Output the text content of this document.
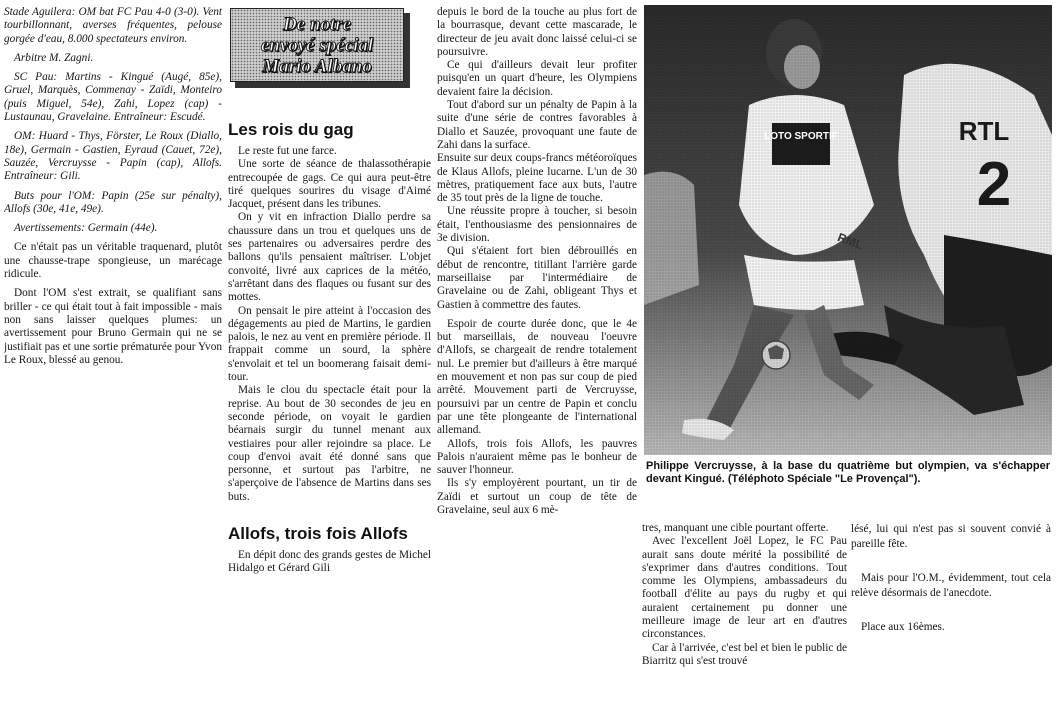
Stade Aguilera: OM bat FC Pau 4-0 (3-0). Vent tourbillonnant, averses fréquentes, pelouse gorgée d'eau, 8.000 spectateurs environ.

Arbitre M. Zagni.

SC Pau: Martins - Kingué (Augé, 85e), Gruel, Marquès, Commenay - Zaïdi, Monteiro (puis Miguel, 54e), Zahi, Lopez (cap) - Lustaunau, Gravelaine. Entraîneur: Escudé.

OM: Huard - Thys, Förster, Le Roux (Diallo, 18e), Germain - Gastien, Eyraud (Cauet, 72e), Sauzée, Vercruysse - Papin (cap), Allofs. Entraîneur: Gili.

Buts pour l'OM: Papin (25e sur pénalty), Allofs (30e, 41e, 49e).

Avertissements: Germain (44e).

Ce n'était pas un véritable traquenard, plutôt une chausse-trape spongieuse, un marécage ridicule.

Dont l'OM s'est extrait, se qualifiant sans briller - ce qui était tout à fait impossible - mais non sans laisser quelques plumes: un avertissement pour Bruno Germain qui ne se justifiait pas et une sortie prématurée pour Yvon Le Roux, blessé au genou.

De notre
envoyé spécial
Mario Albano
Les rois du gag

Le reste fut une farce.

Une sorte de séance de thalassothérapie entrecoupée de gags. Ce qui aura peut-être tiré quelques sourires du visage d'Aimé Jacquet, présent dans les tribunes.

On y vit en infraction Diallo perdre sa chaussure dans un trou et quelques uns de ses partenaires ou adversaires perdre des ballons qu'ils pensaient maîtriser. L'objet convoité, livré aux caprices de la météo, s'arrêtant dans des flaques ou fusant sur des mottes.

On pensait le pire atteint à l'occasion des dégagements au pied de Martins, le gardien palois, le nez au vent en première période. Il frappait comme un sourd, la sphère s'envolait et tel un boomerang faisait demi-tour.

Mais le clou du spectacle était pour la reprise. Au bout de 30 secondes de jeu en seconde période, on voyait le gardien béarnais surgir du tunnel menant aux vestiaires pour aller rejoindre sa place. Le coup d'envoi avait été donné sans que personne, et surtout pas l'arbitre, ne s'aperçoive de l'absence de Martins dans ses buts.

Allofs, trois fois Allofs

En dépit donc des grands gestes de Michel Hidalgo et Gérard Gili

depuis le bord de la touche au plus fort de la bourrasque, devant cette mascarade, le directeur de jeu avait donc laissé celui-ci se poursuivre.

Ce qui d'ailleurs devait leur profiter puisqu'en un quart d'heure, les Olympiens devaient faire la décision.

Tout d'abord sur un pénalty de Papin à la suite d'une série de contres favorables à Diallo et Sauzée, provoquant une faute de Zahi dans la surface.

Ensuite sur deux coups-francs météoroïques de Klaus Allofs, pleine lucarne. L'un de 30 mètres, pratiquement face aux buts, l'autre de 35 tout près de la ligne de touche.

Une réussite propre à toucher, si besoin était, l'enthousiasme des pensionnaires de 3e division.

Qui s'étaient fort bien débrouillés en début de rencontre, titillant l'arrière garde marseillaise par l'intermédiaire de Gravelaine ou de Zahi, obligeant Thys et Gastien à commettre des fautes.

Espoir de courte durée donc, que le 4e but marseillais, de nouveau l'oeuvre d'Allofs, se chargeait de rendre totalement nul. Le premier but d'ailleurs à être marqué en mouvement et non pas sur coup de pied arrêté. Mouvement parti de Vercruysse, poursuivi par un centre de Papin et conclu par une tête plongeante de l'international allemand.

Allofs, trois fois Allofs, les pauvres Palois n'auraient même pas le bonheur de sauver l'honneur.

Ils s'y employèrent pourtant, un tir de Zaïdi et surtout un coup de tête de Gravelaine, seul aux 6 mè-

LOTO SPORTIF	RTL
2
RML

Philippe Vercruysse, à la base du quatrième but olympien, va s'échapper devant Kingué. (Téléphoto Spéciale "Le Provençal").

tres, manquant une cible pourtant offerte.

Avec l'excellent Joël Lopez, le FC Pau aurait sans doute mérité la possibilité de s'exprimer dans d'autres conditions. Tout comme les Olympiens, ambassadeurs du football d'élite au pays du rugby et qui auraient certainement pu donner une meilleure image de leur art en d'autres circonstances.

Car à l'arrivée, c'est bel et bien le public de Biarritz qui s'est trouvé

lésé, lui qui n'est pas si souvent convié à pareille fête.

Mais pour l'O.M., évidemment, tout cela relève désormais de l'anecdote.

Place aux 16èmes.
